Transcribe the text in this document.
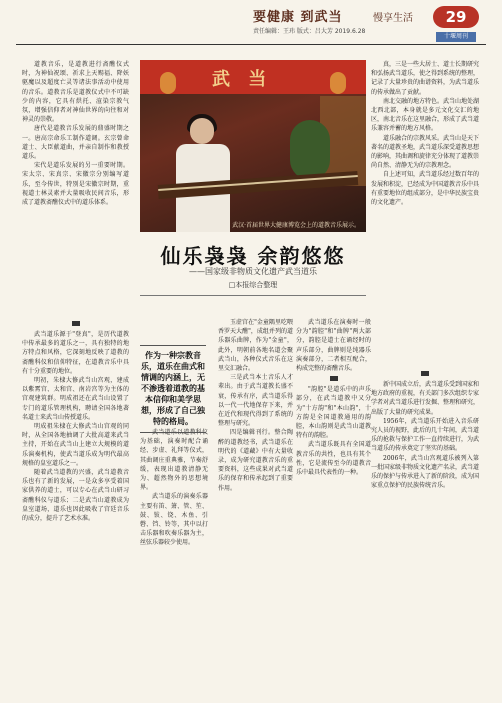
要健康 到武当	慢享生活
责任编辑：王玮 版式：吕大芳 2019.6.28
29
十堰周刊

道教音乐，是道教进行斋醮仪式时，为神仙祝颂、祈求上天赐福、降妖驱魔以及超度亡灵等诸法事活动中使用的音乐。道教音乐是道教仪式中不可缺少的内容，它具有烘托、渲染宗教气氛，增强信仰者对神仙世界的向往和对神灵的崇敬。

唐代是道教音乐发展的鼎盛时期之一。唐高宗命乐工制作道调。玄宗曾命道士、大臣献道曲，并亲自制作和教授道乐。

宋代是道乐发展的另一重要时期。宋太宗、宋真宗、宋徽宗分别编写道乐，至今传世，特别是宋徽宗时期，重视道士林灵素并大量吸收民间音乐，形成了道教斋醮仪式中的道乐体系。

武 当
武汉·首届世界大健康博览会上的道教音乐展示。
仙乐袅袅 余韵悠悠
——国家级非物质文化遗产武当道乐
□本报综合整理

武当道乐源于"登真"，是历代道教中传承最多的道乐之一，具有独特的地方特点和风格，它深刻地反映了道教的斋醮科仪和信仰特征，在道教音乐中具有十分重要的地位。

明初，朱棣大修武当山宫观，建成以紫霄宫、太和宫、南岩宫等为主体的宫观建筑群。明成祖还在武当山设置了专门的道乐管理机构，聘请全国各地著名道士来武当山传授道乐。

明成祖朱棣在大修武当山宫观的同时，从全国各地抽调了大批高道来武当主持，开始在武当山上建立大规模的道乐演奏机构，使武当道乐成为明代最高规格的皇室道乐之一。

随着武当道教的兴盛，武当道教音乐也有了新的发展，一是众多享受着国家供养的道士，可以专心在武当山研习斋醮科仪与道乐；二是武当山道教成为皇室道场，道乐也因此吸收了宫廷音乐的成分，提升了艺术水准。

武当道乐以道教科仪为基础，演奏时配合诵经、步虚、礼拜等仪式，其曲调庄重典雅，节奏舒缓，表现出道教清静无为、超然物外的思想境界。

武当道乐的演奏乐器主要有笛、箫、管、笙、鼓、钹、铙、木鱼、引磬、铛、铃等，其中以打击乐器和吹奏乐器为主，丝弦乐器较少使用。

作为一种宗教音乐，道乐在曲式和情调的内涵上，无不渗透着道教的基本信仰和美学思想，形成了自己独特的格局。

玉虚宫在"金童隅里吃喂香罗天大醮"，成组并列的道乐器乐曲牌，作为"金童"，此外，明朝前各地名道会聚武当山，各种仪式音乐在这里交汇融合。

三是武当本土音乐人才辈出。由于武当道教长盛不衰，传承有序，武当道乐得以一代一代地保存下来，并在近代和现代得到了系统的整理与研究。

四是编辑刊行。整合陶醉的道教经书，武当道乐在明代的《道藏》中有大量收录，成为研究道教音乐的重要资料，这些成果对武当道乐的保存和传承起到了重要作用。

武当道乐在演奏时一般分为"韵腔"和"曲牌"两大部分，韵腔是道士在诵经时的声乐部分，曲牌则是纯器乐演奏部分，二者相互配合，构成完整的斋醮音乐。

"韵腔"是道乐中的声乐部分，在武当道教中又分为"十方韵"和"本山韵"，十方韵是全国道教通用的韵腔，本山韵则是武当山道教特有的韵腔。

武当道乐既具有全国道教音乐的共性，也具有其个性，它是流传至今的道教音乐中最具代表性的一种。

真，三是一些大居士、道士长期研究和弘扬武当道乐，使之得到系统的整理，记录了大量珍贵的曲谱资料，为武当道乐的传承做出了贡献。

南北交融的地方特色。武当山地处湖北西北部，本身就是多元文化交汇的地区，南北音乐在这里融合，形成了武当道乐兼容并蓄的地方风格。

道乐融合的宗教风采。武当山是天下著名的道教圣地，武当道乐深受道教思想的影响，其曲调和旋律充分体现了道教崇尚自然、清静无为的宗教理念。

自上述可知，武当道乐经过数百年的发展和积淀，已经成为中国道教音乐中具有重要地位的组成部分，是中华民族宝贵的文化遗产。

新中国成立后，武当道乐受到国家和地方政府的重视，有关部门多次组织专家学者对武当道乐进行发掘、整理和研究，出版了大量的研究成果。

1956年，武当道乐开始进入音乐研究人员的视野，此后的几十年间，武当道乐的抢救与保护工作一直持续进行，为武当道乐的传承奠定了坚实的基础。

2006年，武当山宫观道乐被列入第一批国家级非物质文化遗产名录，武当道乐的保护与传承进入了新的阶段，成为国家重点保护的民族传统音乐。
